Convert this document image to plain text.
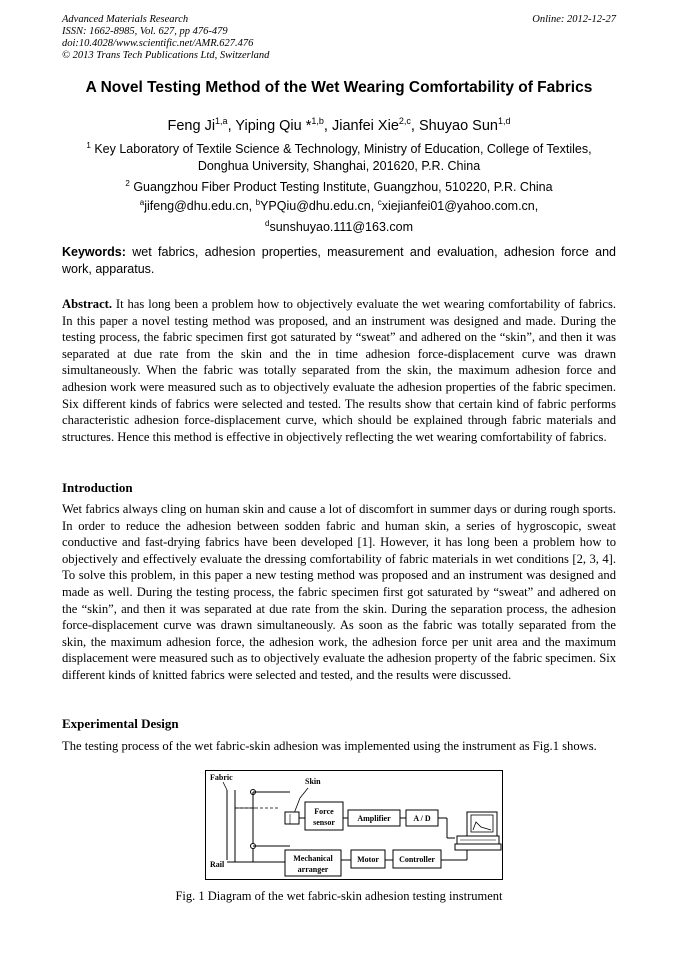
Advanced Materials Research
ISSN: 1662-8985, Vol. 627, pp 476-479
doi:10.4028/www.scientific.net/AMR.627.476
© 2013 Trans Tech Publications Ltd, Switzerland
Online: 2012-12-27
A Novel Testing Method of the Wet Wearing Comfortability of Fabrics
Feng Ji$^{1,a}$, Yiping Qiu *$^{1,b}$, Jianfei Xie$^{2,c}$, Shuyao Sun$^{1,d}$
$^1$ Key Laboratory of Textile Science & Technology, Ministry of Education, College of Textiles, Donghua University, Shanghai, 201620, P.R. China
$^2$ Guangzhou Fiber Product Testing Institute, Guangzhou, 510220, P.R. China
$^a$jifeng@dhu.edu.cn, $^b$YPQiu@dhu.edu.cn, $^c$xiejianfei01@yahoo.com.cn,
$^d$sunshuyao.111@163.com
Keywords: wet fabrics, adhesion properties, measurement and evaluation, adhesion force and work, apparatus.
Abstract. It has long been a problem how to objectively evaluate the wet wearing comfortability of fabrics. In this paper a novel testing method was proposed, and an instrument was designed and made. During the testing process, the fabric specimen first got saturated by “sweat” and adhered on the “skin”, and then it was separated at due rate from the skin and the in time adhesion force-displacement curve was drawn simultaneously. When the fabric was totally separated from the skin, the maximum adhesion force and adhesion work were measured such as to objectively evaluate the adhesion properties of the fabric specimen. Six different kinds of fabrics were selected and tested. The results show that certain kind of fabric performs characteristic adhesion force-displacement curve, which should be explained through fabric materials and structures. Hence this method is effective in objectively reflecting the wet wearing comfortability of fabrics.
Introduction
Wet fabrics always cling on human skin and cause a lot of discomfort in summer days or during rough sports. In order to reduce the adhesion between sodden fabric and human skin, a series of hygroscopic, sweat conductive and fast-drying fabrics have been developed [1]. However, it has long been a problem how to objectively and effectively evaluate the dressing comfortability of fabric materials in wet conditions [2, 3, 4]. To solve this problem, in this paper a new testing method was proposed and an instrument was designed and made as well. During the testing process, the fabric specimen first got saturated by “sweat” and adhered on the “skin”, and then it was separated at due rate from the skin. During the separation process, the adhesion force-displacement curve was drawn simultaneously. As soon as the fabric was totally separated from the skin, the maximum adhesion force, the adhesion work, the adhesion force per unit area and the maximum displacement were measured such as to objectively evaluate the adhesion property of the fabric specimen. Six different kinds of knitted fabrics were selected and tested, and the results were discussed.
Experimental Design
The testing process of the wet fabric-skin adhesion was implemented using the instrument as Fig.1 shows.
Fabric	Skin
Rail
Force
sensor	Amplifier	A / D
Mechanical
arranger
Motor	Controller
Fig. 1 Diagram of the wet fabric-skin adhesion testing instrument
